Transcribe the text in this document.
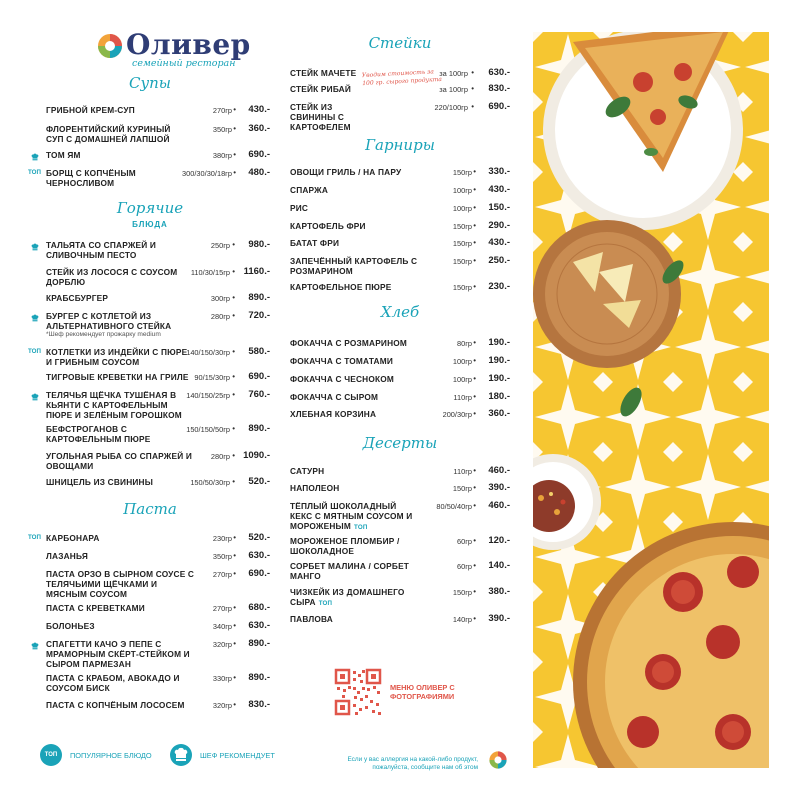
Оливер
семейный ресторан
Супы
ГРИБНОЙ КРЕМ-СУП	270гр • 430.-
ФЛОРЕНТИЙСКИЙ КУРИНЫЙ СУП С ДОМАШНЕЙ ЛАПШОЙ
350гр • 360.-
ТОМ ЯМ	380гр • 690.-
ТОП БОРЩ С КОПЧЁНЫМ ЧЕРНОСЛИВОМ
300/30/30/18гр • 480.-
Горячие
БЛЮДА
ТАЛЬЯТА СО СПАРЖЕЙ И СЛИВОЧНЫМ ПЕСТО
250гр • 980.-
СТЕЙК ИЗ ЛОСОСЯ С СОУСОМ ДОРБЛЮ
110/30/15гр • 1160.-
КРАБСБУРГЕР	300гр • 890.-
БУРГЕР С КОТЛЕТОЙ ИЗ АЛЬТЕРНАТИВНОГО СТЕЙКА
280гр • 720.-
*Шеф рекомендует прожарку medium
ТОП КОТЛЕТКИ ИЗ ИНДЕЙКИ С ПЮРЕ И ГРИБНЫМ СОУСОМ
140/150/30гр • 580.-
ТИГРОВЫЕ КРЕВЕТКИ НА ГРИЛЕ 90/15/30гр • 690.-
ТЕЛЯЧЬЯ ЩЁЧКА ТУШЁНАЯ В КЬЯНТИ С КАРТОФЕЛЬНЫМ ПЮРЕ И ЗЕЛЁНЫМ ГОРОШКОМ
140/150/25гр • 760.-
БЕФСТРОГАНОВ С КАРТОФЕЛЬНЫМ ПЮРЕ
150/150/50гр • 890.-
УГОЛЬНАЯ РЫБА СО СПАРЖЕЙ И ОВОЩАМИ
280гр • 1090.-
ШНИЦЕЛЬ ИЗ СВИНИНЫ	150/50/30гр • 520.-
Паста
ТОП КАРБОНАРА	230гр • 520.-
ЛАЗАНЬЯ	350гр • 630.-
ПАСТА ОРЗО В СЫРНОМ СОУСЕ С ТЕЛЯЧЬИМИ ЩЁЧКАМИ И МЯСНЫМ СОУСОМ
270гр • 690.-
ПАСТА С КРЕВЕТКАМИ	270гр • 680.-
БОЛОНЬЕЗ	340гр • 630.-
СПАГЕТТИ КАЧО Э ПЕПЕ С МРАМОРНЫМ СКЁРТ-СТЕЙКОМ И СЫРОМ ПАРМЕЗАН
320гр • 890.-
ПАСТА С КРАБОМ, АВОКАДО И СОУСОМ БИСК
330гр • 890.-
ПАСТА С КОПЧЁНЫМ ЛОСОСЕМ	320гр • 830.-
Стейки
СТЕЙК МАЧЕТЕ	за 100гр • 630.-
СТЕЙК РИБАЙ	за 100гр • 830.-
СТЕЙК ИЗ СВИНИНЫ С КАРТОФЕЛЕМ
220/100гр • 690.-
Гарниры
ОВОЩИ ГРИЛЬ / НА ПАРУ	150гр • 330.-
СПАРЖА	100гр • 430.-
РИС	100гр • 150.-
КАРТОФЕЛЬ ФРИ	150гр • 290.-
БАТАТ ФРИ	150гр • 430.-
ЗАПЕЧЁННЫЙ КАРТОФЕЛЬ С РОЗМАРИНОМ
150гр • 250.-
КАРТОФЕЛЬНОЕ ПЮРЕ	150гр • 230.-
Хлеб
ФОКАЧЧА С РОЗМАРИНОМ	80гр • 190.-
ФОКАЧЧА С ТОМАТАМИ	100гр • 190.-
ФОКАЧЧА С ЧЕСНОКОМ	100гр • 190.-
ФОКАЧЧА С СЫРОМ	110гр • 180.-
ХЛЕБНАЯ КОРЗИНА	200/30гр • 360.-
Десерты
САТУРН	110гр • 460.-
НАПОЛЕОН	150гр • 390.-
ТЁПЛЫЙ ШОКОЛАДНЫЙ КЕКС С МЯТНЫМ СОУСОМ И МОРОЖЕНЫМ ТОП
80/50/40гр • 460.-
МОРОЖЕНОЕ ПЛОМБИР / ШОКОЛАДНОЕ
60гр • 120.-
СОРБЕТ МАЛИНА / СОРБЕТ МАНГО
60гр • 140.-
ЧИЗКЕЙК ИЗ ДОМАШНЕГО СЫРА ТОП
150гр • 380.-
ПАВЛОВА	140гр • 390.-
Уводим стоимость за 100 гр. сырого продукта
МЕНЮ ОЛИВЕР С ФОТОГРАФИЯМИ
ТОП	ПОПУЛЯРНОЕ БЛЮДО	ШЕФ РЕКОМЕНДУЕТ	Если у вас аллергия на какой-либо продукт, пожалуйста, сообщите нам об этом
